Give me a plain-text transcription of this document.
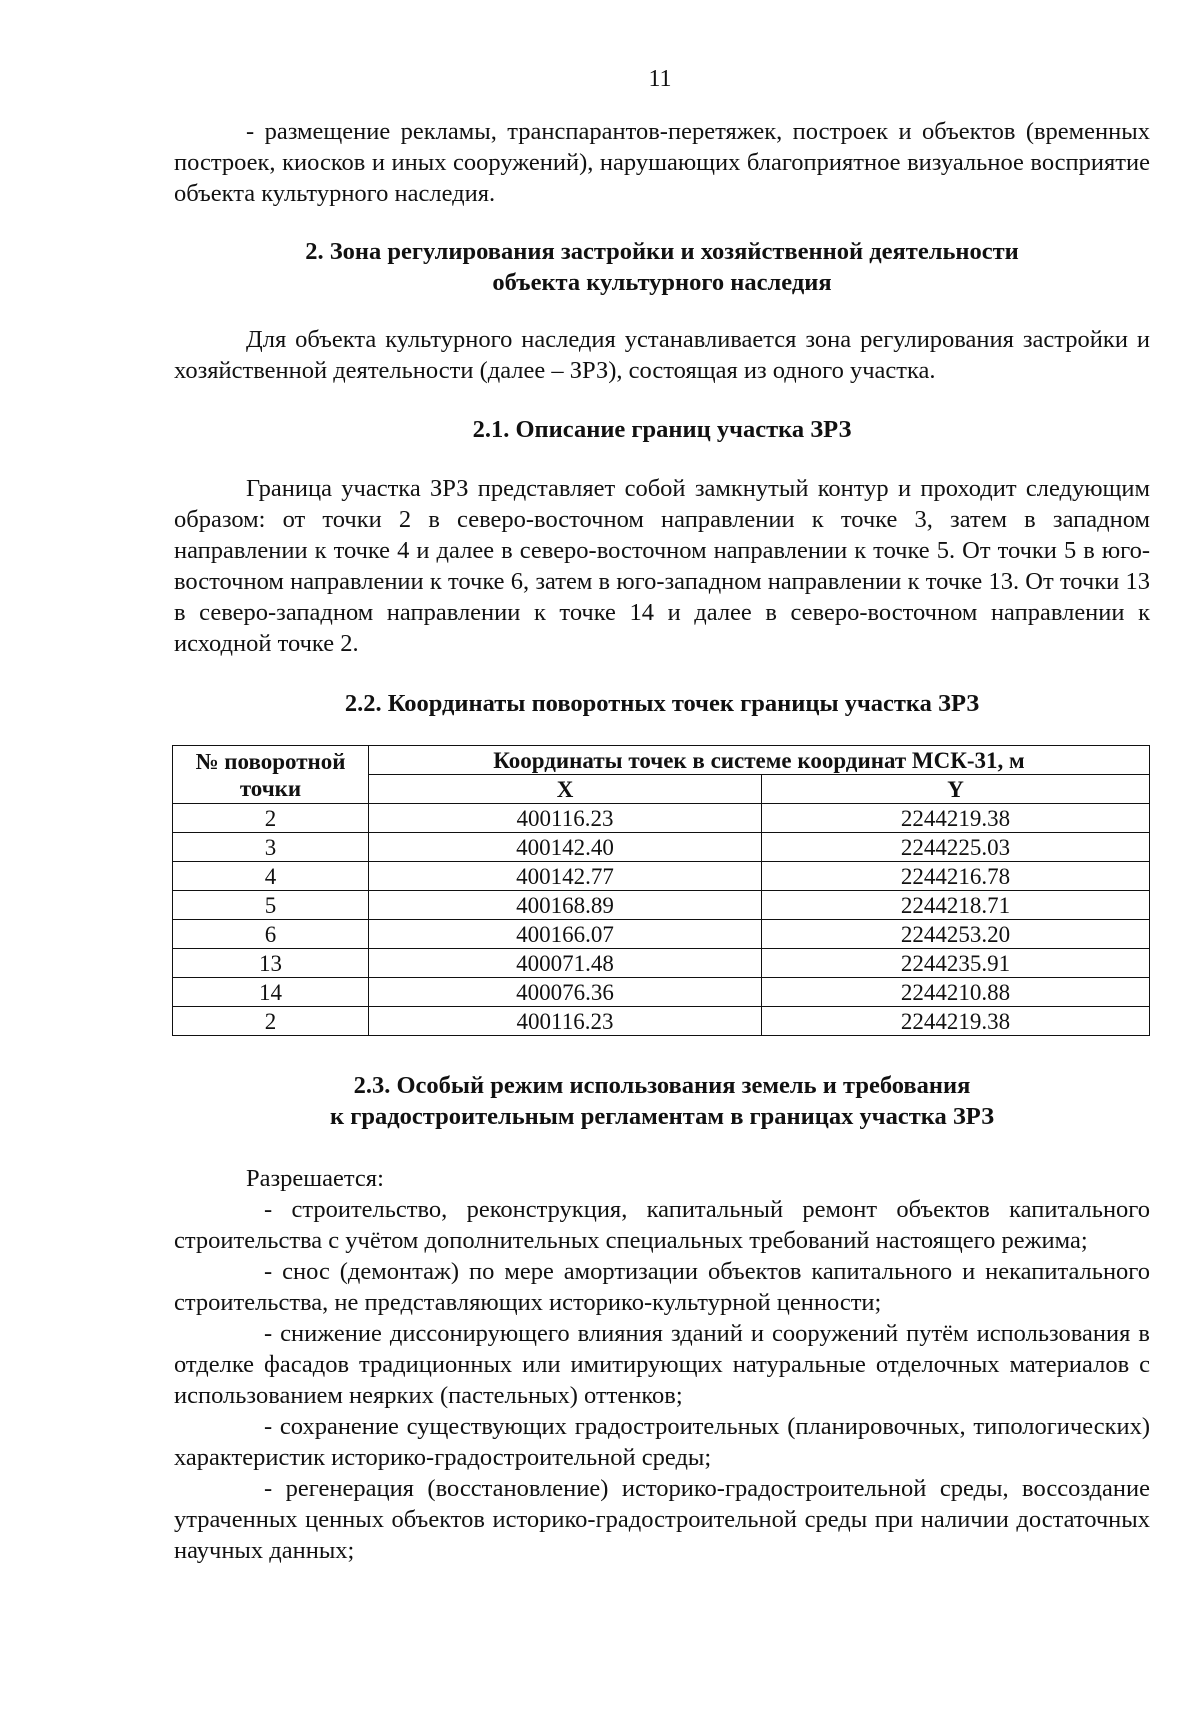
11

- размещение рекламы, транспарантов-перетяжек, построек и объектов (временных построек, киосков и иных сооружений), нарушающих благоприятное визуальное восприятие объекта культурного наследия.

2. Зона регулирования застройки и хозяйственной деятельности
объекта культурного наследия

Для объекта культурного наследия устанавливается зона регулирования застройки и хозяйственной деятельности (далее – ЗРЗ), состоящая из одного участка.

2.1. Описание границ участка ЗРЗ

Граница участка ЗРЗ представляет собой замкнутый контур и проходит следующим образом: от точки 2 в северо-восточном направлении к точке 3, затем в западном направлении к точке 4 и далее в северо-восточном направлении к точке 5. От точки 5 в юго-восточном направлении к точке 6, затем в юго-западном направлении к точке 13. От точки 13 в северо-западном направлении к точке 14 и далее в северо-восточном направлении к исходной точке 2.

2.2. Координаты поворотных точек границы участка ЗРЗ
№ поворотной
точки	Координаты точек в системе координат МСК-31, м	
	X	Y
2	400116.23	2244219.38
3	400142.40	2244225.03
4	400142.77	2244216.78
5	400168.89	2244218.71
6	400166.07	2244253.20
13	400071.48	2244235.91
14	400076.36	2244210.88
2	400116.23	2244219.38
2.3. Особый режим использования земель и требования
к градостроительным регламентам в границах участка ЗРЗ

Разрешается:

- строительство, реконструкция, капитальный ремонт объектов капитального строительства с учётом дополнительных специальных требований настоящего режима;

- снос (демонтаж) по мере амортизации объектов капитального и некапитального строительства, не представляющих историко-культурной ценности;

- снижение диссонирующего влияния зданий и сооружений путём использования в отделке фасадов традиционных или имитирующих натуральные отделочных материалов с использованием неярких (пастельных) оттенков;

- сохранение существующих градостроительных (планировочных, типологических) характеристик историко-градостроительной среды;

- регенерация (восстановление) историко-градостроительной среды, воссоздание утраченных ценных объектов историко-градостроительной среды при наличии достаточных научных данных;
